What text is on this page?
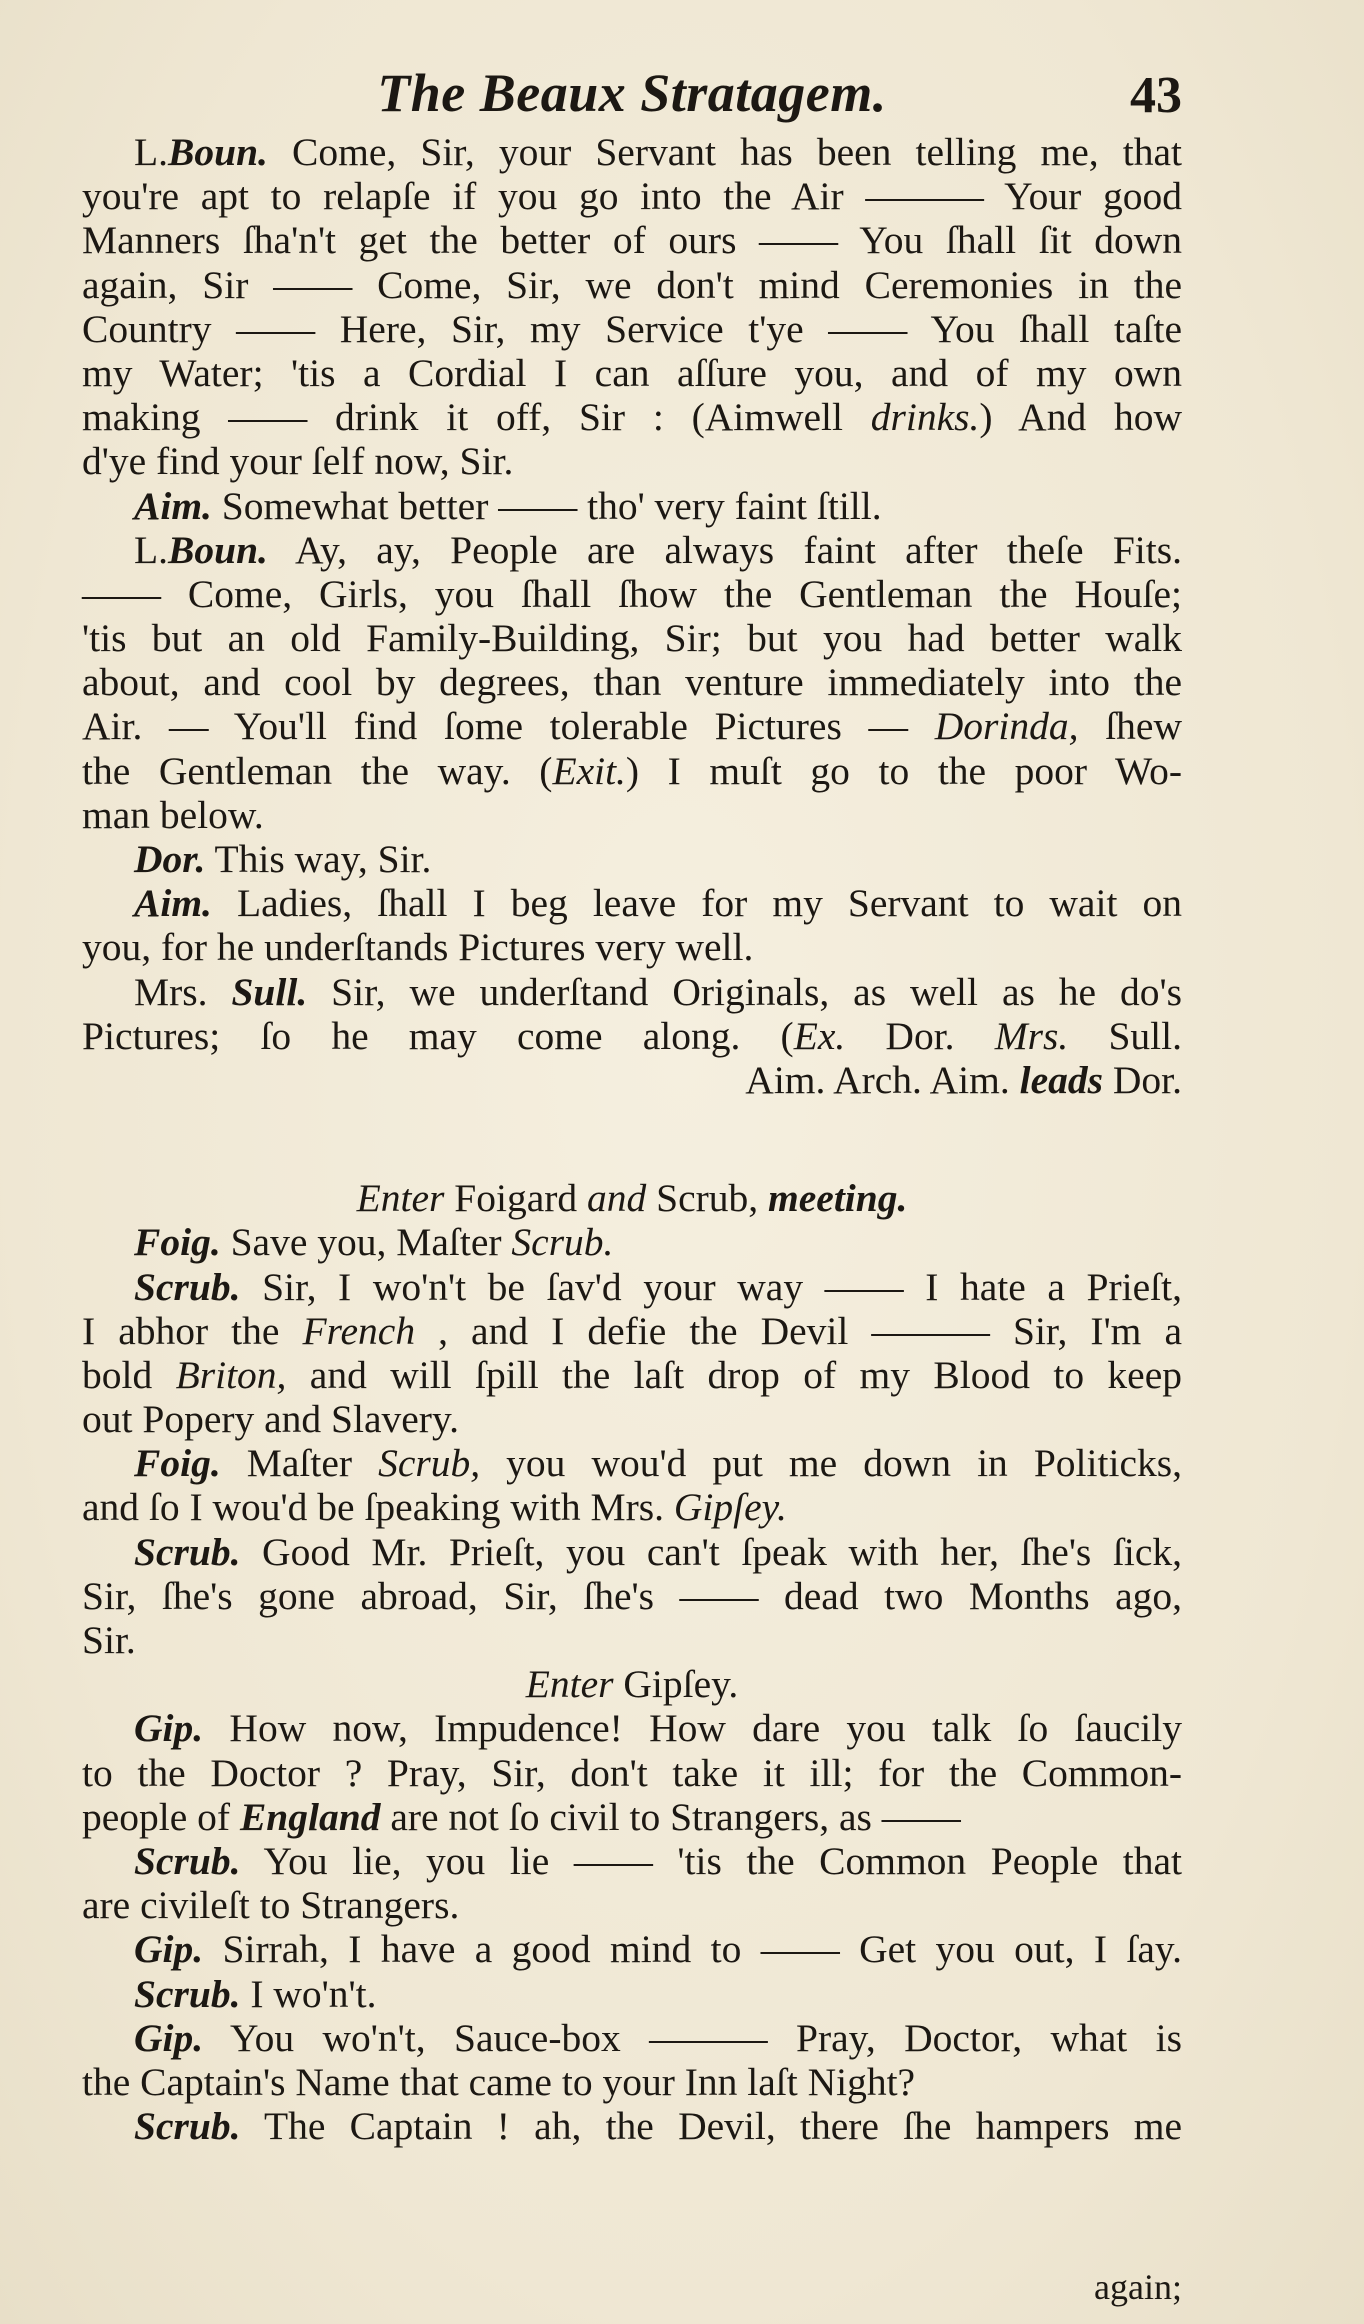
The Beaux Stratagem.	43
L.Boun. Come, Sir, your Servant has been telling me, that
you're apt to relapſe if you go into the Air ——— Your good
Manners ſha'n't get the better of ours —— You ſhall ſit down
again, Sir —— Come, Sir, we don't mind Ceremonies in the
Country —— Here, Sir, my Service t'ye —— You ſhall taſte
my Water; 'tis a Cordial I can aſſure you, and of my own
making —— drink it off, Sir : (Aimwell drinks.) And how
d'ye find your ſelf now, Sir.
Aim. Somewhat better —— tho' very faint ſtill.
L.Boun. Ay, ay, People are always faint after theſe Fits.
—— Come, Girls, you ſhall ſhow the Gentleman the Houſe;
'tis but an old Family-Building, Sir; but you had better walk
about, and cool by degrees, than venture immediately into the
Air. — You'll find ſome tolerable Pictures — Dorinda, ſhew
the Gentleman the way. (Exit.) I muſt go to the poor Wo-
man below.
Dor. This way, Sir.
Aim. Ladies, ſhall I beg leave for my Servant to wait on
you, for he underſtands Pictures very well.
Mrs. Sull. Sir, we underſtand Originals, as well as he do's
Pictures; ſo he may come along. (Ex. Dor. Mrs. Sull.
Aim. Arch. Aim. leads Dor.
Enter Foigard and Scrub, meeting.
Foig. Save you, Maſter Scrub.
Scrub. Sir, I wo'n't be ſav'd your way —— I hate a Prieſt,
I abhor the French , and I defie the Devil ——— Sir, I'm a
bold Briton, and will ſpill the laſt drop of my Blood to keep
out Popery and Slavery.
Foig. Maſter Scrub, you wou'd put me down in Politicks,
and ſo I wou'd be ſpeaking with Mrs. Gipſey.
Scrub. Good Mr. Prieſt, you can't ſpeak with her, ſhe's ſick,
Sir, ſhe's gone abroad, Sir, ſhe's —— dead two Months ago,
Sir.
Enter Gipſey.
Gip. How now, Impudence! How dare you talk ſo ſaucily
to the Doctor ? Pray, Sir, don't take it ill; for the Common-
people of England are not ſo civil to Strangers, as ——
Scrub. You lie, you lie —— 'tis the Common People that
are civileſt to Strangers.
Gip. Sirrah, I have a good mind to —— Get you out, I ſay.
Scrub. I wo'n't.
Gip. You wo'n't, Sauce-box ——— Pray, Doctor, what is
the Captain's Name that came to your Inn laſt Night?
Scrub. The Captain ! ah, the Devil, there ſhe hampers me
again;
